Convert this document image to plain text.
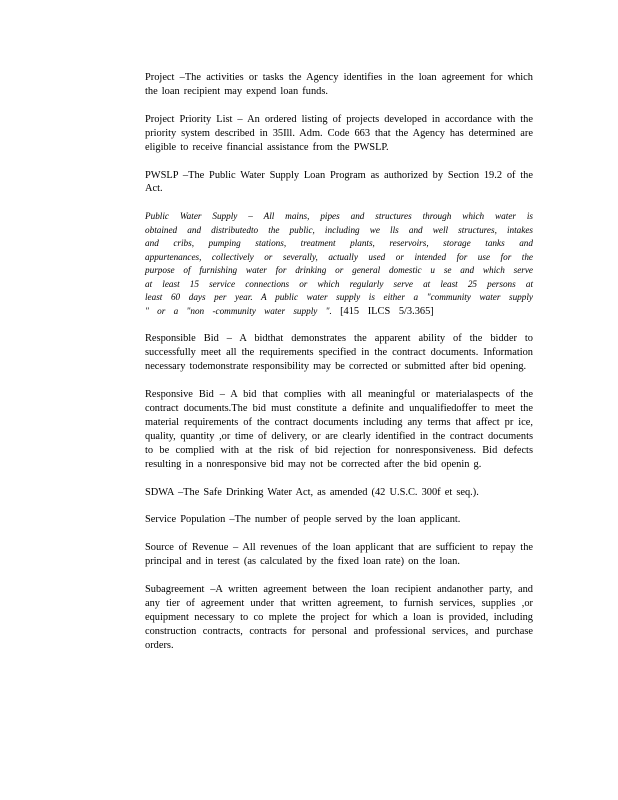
Project –The activities or tasks the Agency identifies in the loan agreement for which the loan recipient may expend loan funds.

Project Priority List – An ordered listing of projects developed in accordance with the priority system described in 35Ill. Adm. Code 663 that the Agency has determined are eligible to receive financial assistance from the PWSLP.

PWSLP –The Public Water Supply Loan Program as authorized by Section 19.2 of the Act.

Public Water Supply – All mains, pipes and structures through which water is obtained and distributedto the public, including we lls and well structures, intakes and cribs, pumping stations, treatment plants, reservoirs, storage tanks and appurtenances, collectively or severally, actually used or intended for use for the purpose of furnishing water for drinking or general domestic u se and which serve at least 15 service connections or which regularly serve at least 25 persons at least 60 days per year. A public water supply is either a "community water supply " or a "non -community water supply ". [415 ILCS 5/3.365]

Responsible Bid – A bidthat demonstrates the apparent ability of the bidder to successfully meet all the requirements specified in the contract documents. Information necessary todemonstrate responsibility may be corrected or submitted after bid opening.

Responsive Bid – A bid that complies with all meaningful or materialaspects of the contract documents.The bid must constitute a definite and unqualifiedoffer to meet the material requirements of the contract documents including any terms that affect pr ice, quality, quantity ,or time of delivery, or are clearly identified in the contract documents to be complied with at the risk of bid rejection for nonresponsiveness. Bid defects resulting in a nonresponsive bid may not be corrected after the bid openin g.

SDWA –The Safe Drinking Water Act, as amended (42 U.S.C. 300f et seq.).

Service Population –The number of people served by the loan applicant.

Source of Revenue – All revenues of the loan applicant that are sufficient to repay the principal and in terest (as calculated by the fixed loan rate) on the loan.

Subagreement –A written agreement between the loan recipient andanother party, and any tier of agreement under that written agreement, to furnish services, supplies ,or equipment necessary to co mplete the project for which a loan is provided, including construction contracts, contracts for personal and professional services, and purchase orders.
